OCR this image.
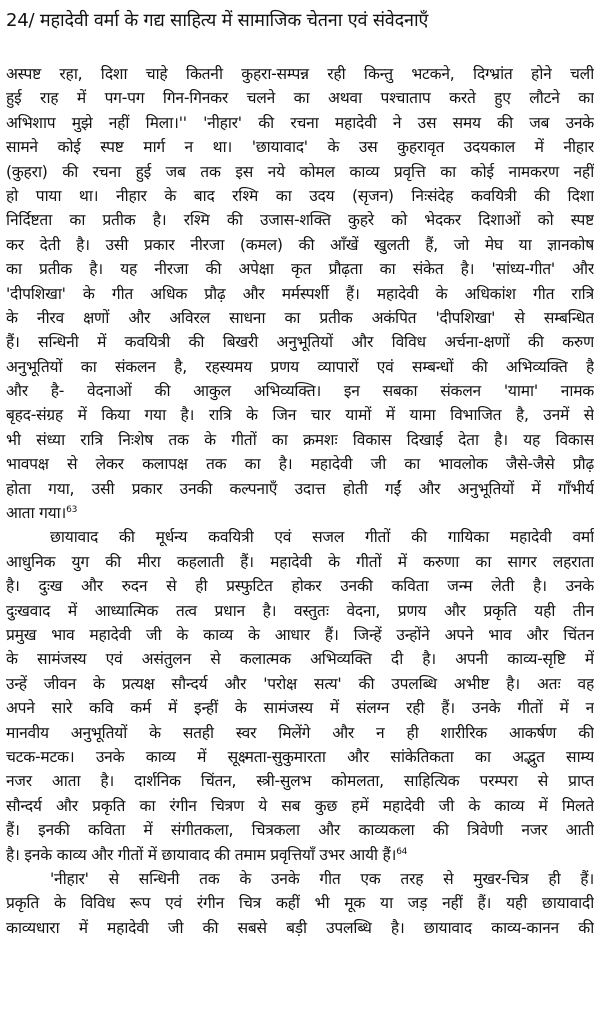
24/ महादेवी वर्मा के गद्य साहित्य में सामाजिक चेतना एवं संवेदनाएँ
अस्पष्ट रहा, दिशा चाहे कितनी कुहरा-सम्पन्न रही किन्तु भटकने, दिग्भ्रांत होने चली
हुई राह में पग-पग गिन-गिनकर चलने का अथवा पश्चाताप करते हुए लौटने का
अभिशाप मुझे नहीं मिला।'' 'नीहार' की रचना महादेवी ने उस समय की जब उनके
सामने कोई स्पष्ट मार्ग न था। 'छायावाद' के उस कुहरावृत उदयकाल में नीहार
(कुहरा) की रचना हुई जब तक इस नये कोमल काव्य प्रवृत्ति का कोई नामकरण नहीं
हो पाया था। नीहार के बाद रश्मि का उदय (सृजन) निःसंदेह कवयित्री की दिशा
निर्दिष्टता का प्रतीक है। रश्मि की उजास-शक्ति कुहरे को भेदकर दिशाओं को स्पष्ट
कर देती है। उसी प्रकार नीरजा (कमल) की आँखें खुलती हैं, जो मेघ या ज्ञानकोष
का प्रतीक है। यह नीरजा की अपेक्षा कृत प्रौढ़ता का संकेत है। 'सांध्य-गीत' और
'दीपशिखा' के गीत अधिक प्रौढ़ और मर्मस्पर्शी हैं। महादेवी के अधिकांश गीत रात्रि
के नीरव क्षणों और अविरल साधना का प्रतीक अकंपित 'दीपशिखा' से सम्बन्धित
हैं। सन्धिनी में कवयित्री की बिखरी अनुभूतियों और विविध अर्चना-क्षणों की करुण
अनुभूतियों का संकलन है, रहस्यमय प्रणय व्यापारों एवं सम्बन्धों की अभिव्यक्ति है
और है- वेदनाओं की आकुल अभिव्यक्ति। इन सबका संकलन 'यामा' नामक
बृहद-संग्रह में किया गया है। रात्रि के जिन चार यामों में यामा विभाजित है, उनमें से
भी संध्या रात्रि निःशेष तक के गीतों का क्रमशः विकास दिखाई देता है। यह विकास
भावपक्ष से लेकर कलापक्ष तक का है। महादेवी जी का भावलोक जैसे-जैसे प्रौढ़
होता गया, उसी प्रकार उनकी कल्पनाएँ उदात्त होती गईं और अनुभूतियों में गाँभीर्य
आता गया।$^{63}$
छायावाद की मूर्धन्य कवयित्री एवं सजल गीतों की गायिका महादेवी वर्मा
आधुनिक युग की मीरा कहलाती हैं। महादेवी के गीतों में करुणा का सागर लहराता
है। दुःख और रुदन से ही प्रस्फुटित होकर उनकी कविता जन्म लेती है। उनके
दुःखवाद में आध्यात्मिक तत्व प्रधान है। वस्तुतः वेदना, प्रणय और प्रकृति यही तीन
प्रमुख भाव महादेवी जी के काव्य के आधार हैं। जिन्हें उन्होंने अपने भाव और चिंतन
के सामंजस्य एवं असंतुलन से कलात्मक अभिव्यक्ति दी है। अपनी काव्य-सृष्टि में
उन्हें जीवन के प्रत्यक्ष सौन्दर्य और 'परोक्ष सत्य' की उपलब्धि अभीष्ट है। अतः वह
अपने सारे कवि कर्म में इन्हीं के सामंजस्य में संलग्न रही हैं। उनके गीतों में न
मानवीय अनुभूतियों के सतही स्वर मिलेंगे और न ही शारीरिक आकर्षण की
चटक-मटक। उनके काव्य में सूक्ष्मता-सुकुमारता और सांकेतिकता का अद्भुत साम्य
नजर आता है। दार्शनिक चिंतन, स्त्री-सुलभ कोमलता, साहित्यिक परम्परा से प्राप्त
सौन्दर्य और प्रकृति का रंगीन चित्रण ये सब कुछ हमें महादेवी जी के काव्य में मिलते
हैं। इनकी कविता में संगीतकला, चित्रकला और काव्यकला की त्रिवेणी नजर आती
है। इनके काव्य और गीतों में छायावाद की तमाम प्रवृत्तियाँ उभर आयी हैं।$^{64}$
'नीहार' से सन्धिनी तक के उनके गीत एक तरह से मुखर-चित्र ही हैं।
प्रकृति के विविध रूप एवं रंगीन चित्र कहीं भी मूक या जड़ नहीं हैं। यही छायावादी
काव्यधारा में महादेवी जी की सबसे बड़ी उपलब्धि है। छायावाद काव्य-कानन की
